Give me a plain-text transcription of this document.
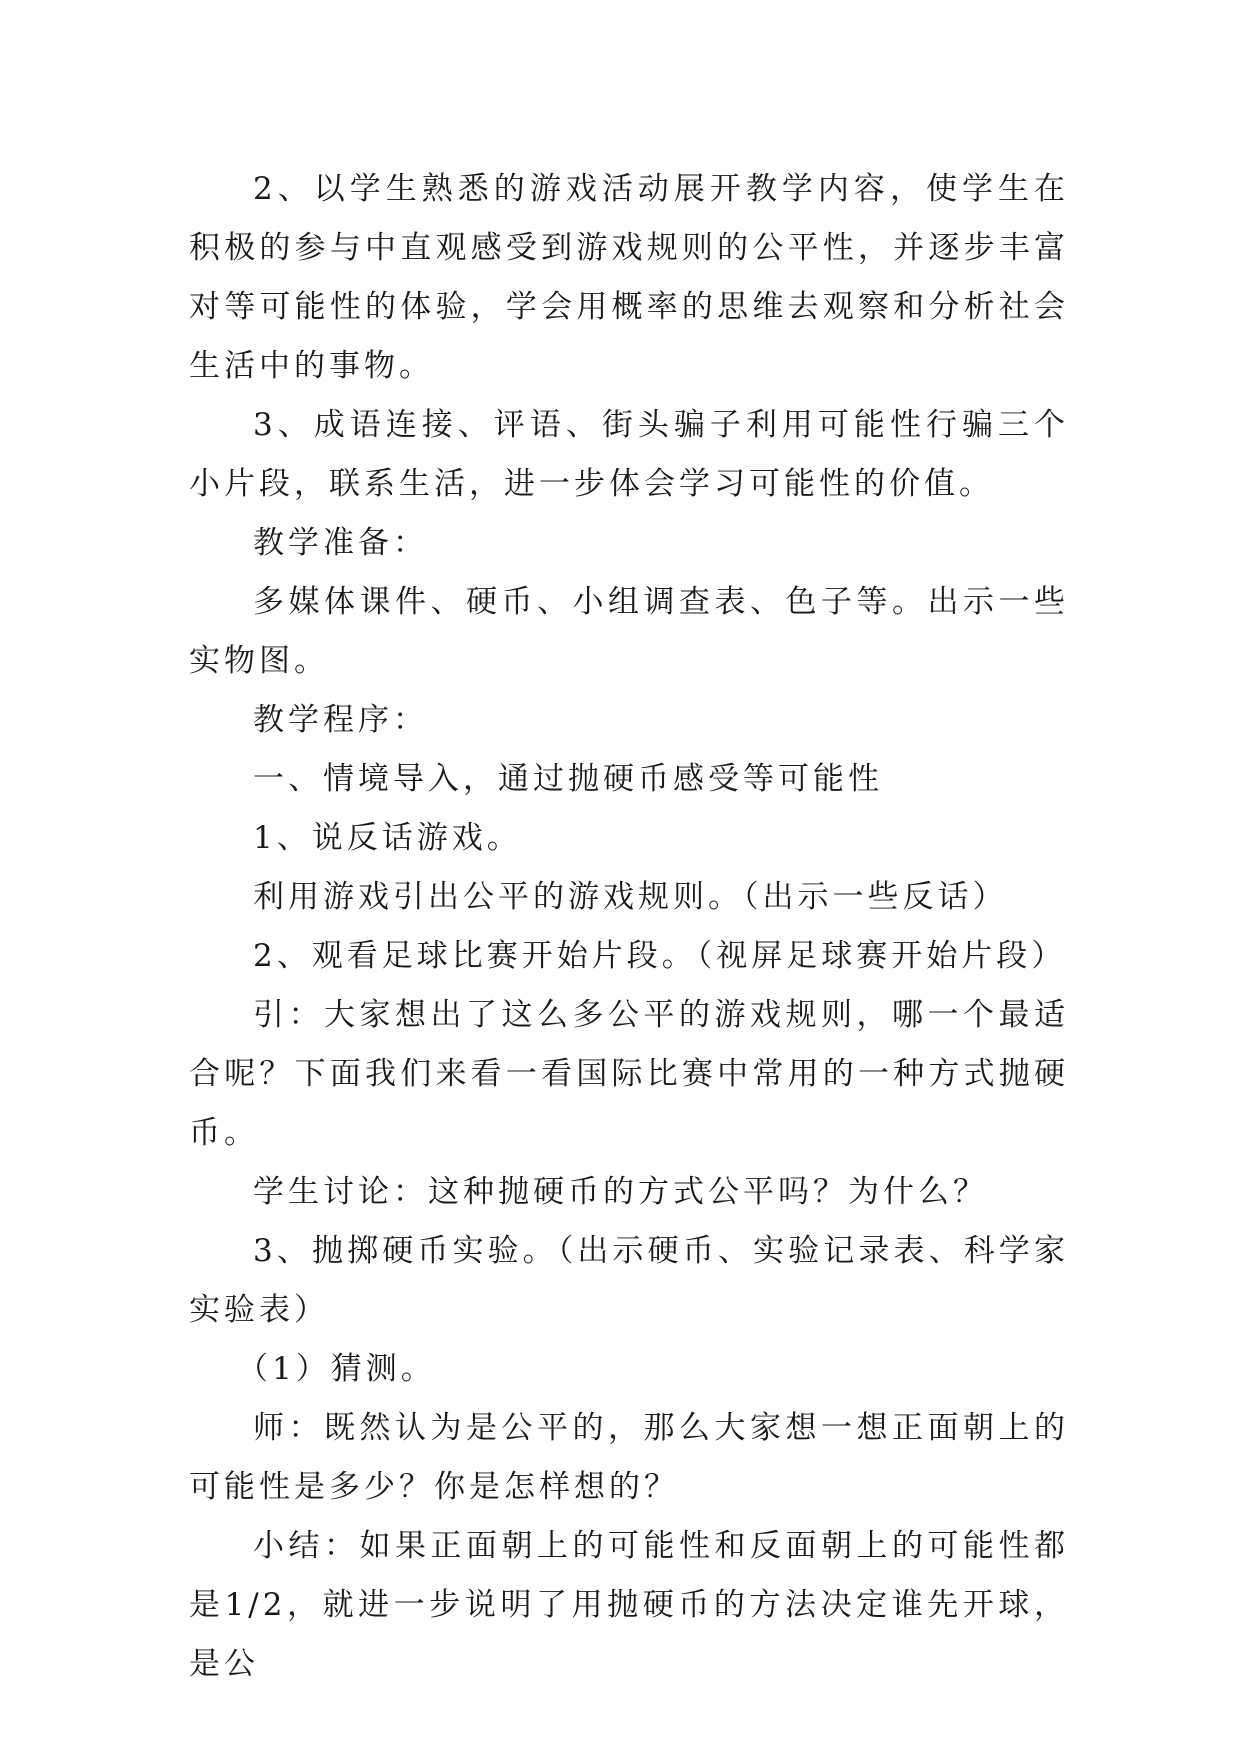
2、以学生熟悉的游戏活动展开教学内容，使学生在积极的参与中直观感受到游戏规则的公平性，并逐步丰富对等可能性的体验，学会用概率的思维去观察和分析社会生活中的事物。

3、成语连接、评语、街头骗子利用可能性行骗三个小片段，联系生活，进一步体会学习可能性的价值。

教学准备：

多媒体课件、硬币、小组调查表、色子等。出示一些实物图。

教学程序：

一、情境导入，通过抛硬币感受等可能性

1、说反话游戏。

利用游戏引出公平的游戏规则。（出示一些反话）

2、观看足球比赛开始片段。（视屏足球赛开始片段）

引：大家想出了这么多公平的游戏规则，哪一个最适合呢？下面我们来看一看国际比赛中常用的一种方式抛硬币。

学生讨论：这种抛硬币的方式公平吗？为什么？

3、抛掷硬币实验。（出示硬币、实验记录表、科学家实验表）

（1）猜测。

师：既然认为是公平的，那么大家想一想正面朝上的可能性是多少？你是怎样想的？

小结：如果正面朝上的可能性和反面朝上的可能性都是1/2，就进一步说明了用抛硬币的方法决定谁先开球，是公
